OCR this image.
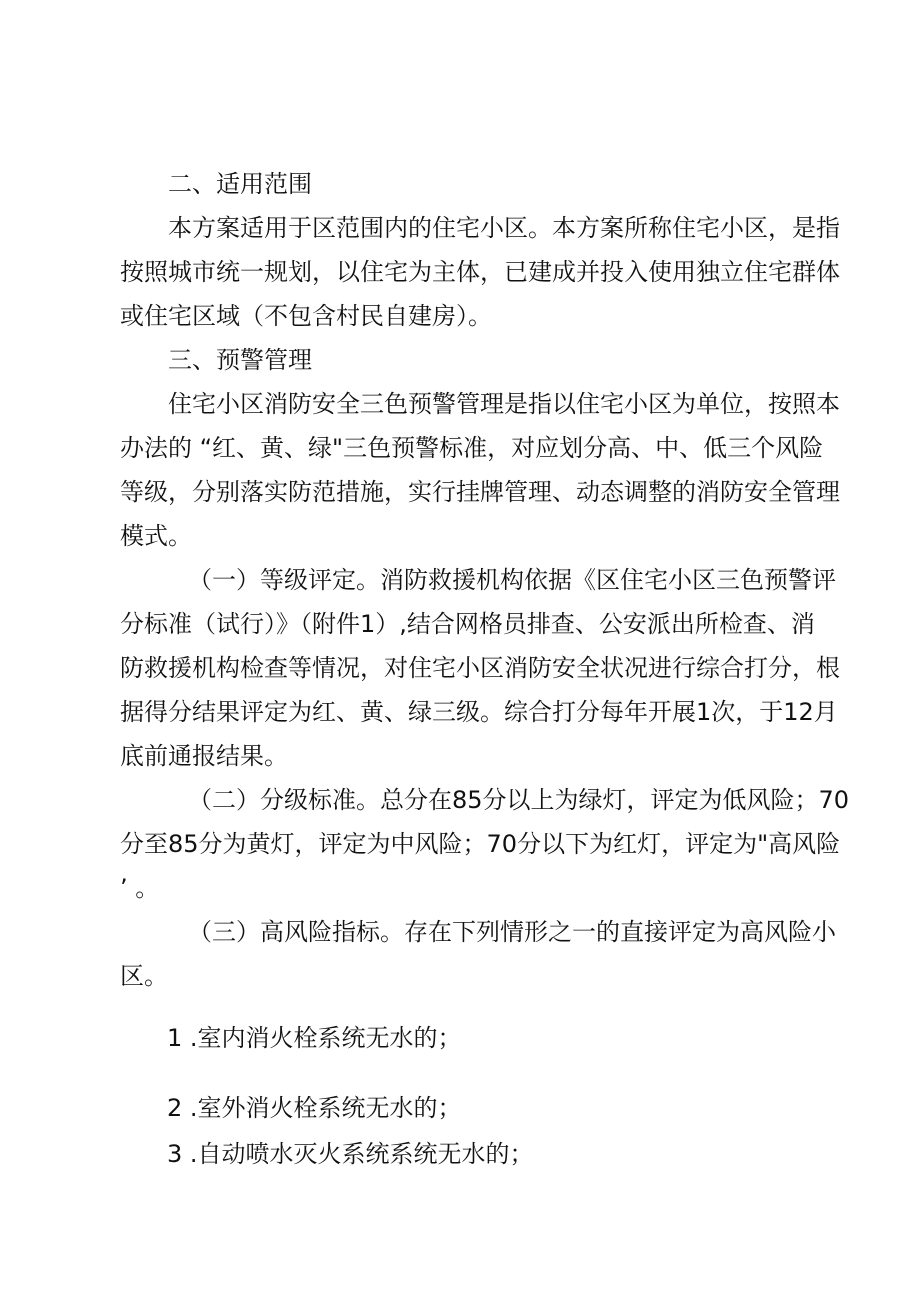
二、适用范围
本方案适用于区范围内的住宅小区。本方案所称住宅小区，是指
按照城市统一规划，以住宅为主体，已建成并投入使用独立住宅群体
或住宅区域（不包含村民自建房）。
三、预警管理
住宅小区消防安全三色预警管理是指以住宅小区为单位，按照本
办法的 “红、黄、绿"三色预警标准，对应划分高、中、低三个风险
等级，分别落实防范措施，实行挂牌管理、动态调整的消防安全管理
模式。
（一）等级评定。消防救援机构依据《区住宅小区三色预警评
分标准（试行）》（附件1）,结合网格员排查、公安派出所检查、消
防救援机构检查等情况，对住宅小区消防安全状况进行综合打分，根
据得分结果评定为红、黄、绿三级。综合打分每年开展1次，于12月
底前通报结果。
（二）分级标准。总分在85分以上为绿灯，评定为低风险；70
分至85分为黄灯，评定为中风险；70分以下为红灯，评定为"高风险
’ 。
（三）高风险指标。存在下列情形之一的直接评定为高风险小
区。
1 .室内消火栓系统无水的；
2 .室外消火栓系统无水的；
3 .自动喷水灭火系统系统无水的；
